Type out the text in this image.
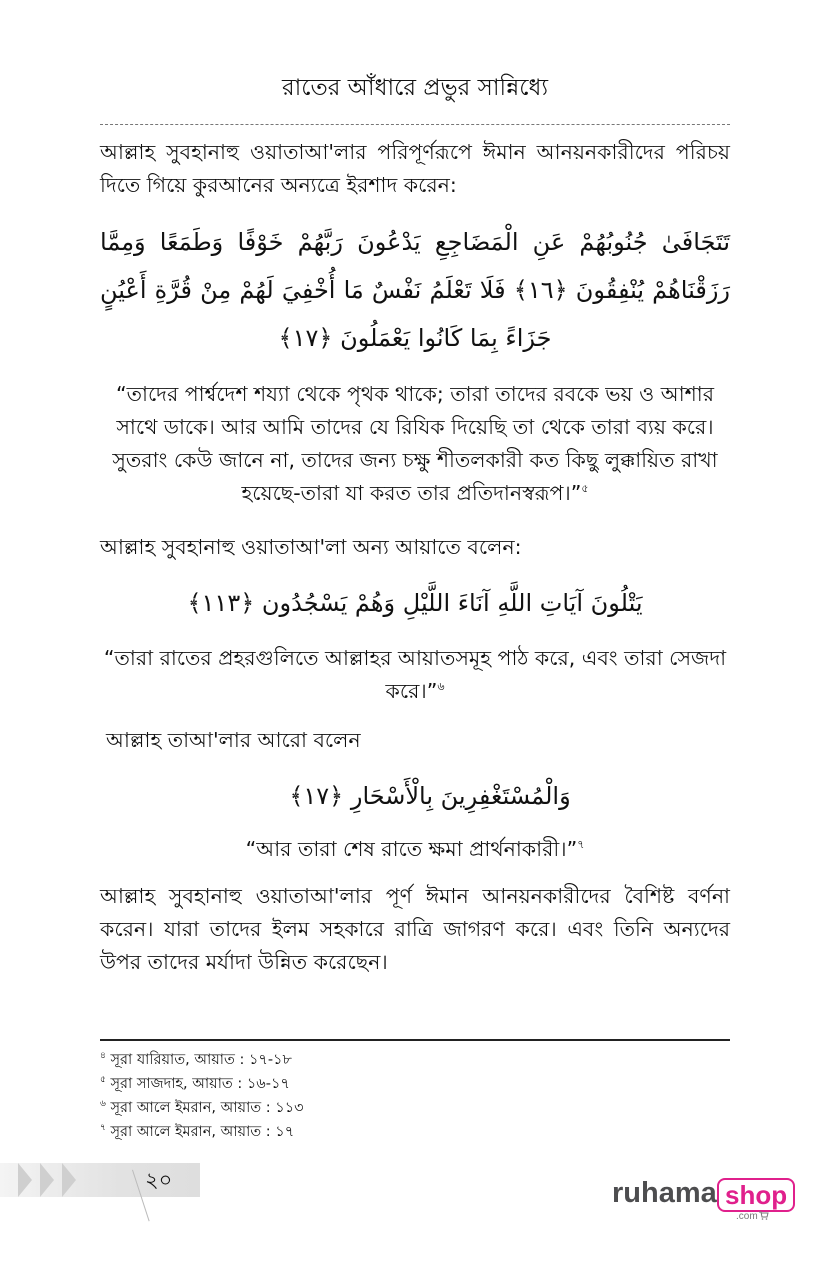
রাতের আঁধারে প্রভুর সান্নিধ্যে
আল্লাহ সুবহানাহু ওয়াতাআ'লার পরিপূর্ণরূপে ঈমান আনয়নকারীদের পরিচয় দিতে গিয়ে কুরআনের অন্যত্রে ইরশাদ করেন:
تَتَجَافَىٰ جُنُوبُهُمْ عَنِ الْمَضَاجِعِ يَدْعُونَ رَبَّهُمْ خَوْفًا وَطَمَعًا وَمِمَّا رَزَقْنَاهُمْ يُنْفِقُونَ ﴿١٦﴾ فَلَا تَعْلَمُ نَفْسٌ مَا أُخْفِيَ لَهُمْ مِنْ قُرَّةِ أَعْيُنٍ جَزَاءً بِمَا كَانُوا يَعْمَلُونَ ﴿١٧﴾
“তাদের পার্শ্বদেশ শয্যা থেকে পৃথক থাকে; তারা তাদের রবকে ভয় ও আশার সাথে ডাকে। আর আমি তাদের যে রিযিক দিয়েছি তা থেকে তারা ব্যয় করে। সুতরাং কেউ জানে না, তাদের জন্য চক্ষু শীতলকারী কত কিছু লুক্কায়িত রাখা হয়েছে-তারা যা করত তার প্রতিদানস্বরূপ।”$^৫$
আল্লাহ সুবহানাহু ওয়াতাআ'লা অন্য আয়াতে বলেন:
يَتْلُونَ آيَاتِ اللَّهِ آنَاءَ اللَّيْلِ وَهُمْ يَسْجُدُون ﴿١١٣﴾
“তারা রাতের প্রহরগুলিতে আল্লাহর আয়াতসমূহ পাঠ করে, এবং তারা সেজদা করে।”$^৬$
আল্লাহ তাআ'লার আরো বলেন
وَالْمُسْتَغْفِرِينَ بِالْأَسْحَارِ ﴿١٧﴾
“আর তারা শেষ রাতে ক্ষমা প্রার্থনাকারী।”$^৭$
আল্লাহ সুবহানাহু ওয়াতাআ'লার পূর্ণ ঈমান আনয়নকারীদের বৈশিষ্ট বর্ণনা করেন। যারা তাদের ইলম সহকারে রাত্রি জাগরণ করে। এবং তিনি অন্যদের উপর তাদের মর্যাদা উন্নিত করেছেন।
$^৪$ সূরা যারিয়াত, আয়াত : ১৭-১৮
$^৫$ সূরা সাজদাহ, আয়াত : ১৬-১৭
$^৬$ সূরা আলে ইমরান, আয়াত : ১১৩
$^৭$ সূরা আলে ইমরান, আয়াত : ১৭
২০	ruhama shop
.com
